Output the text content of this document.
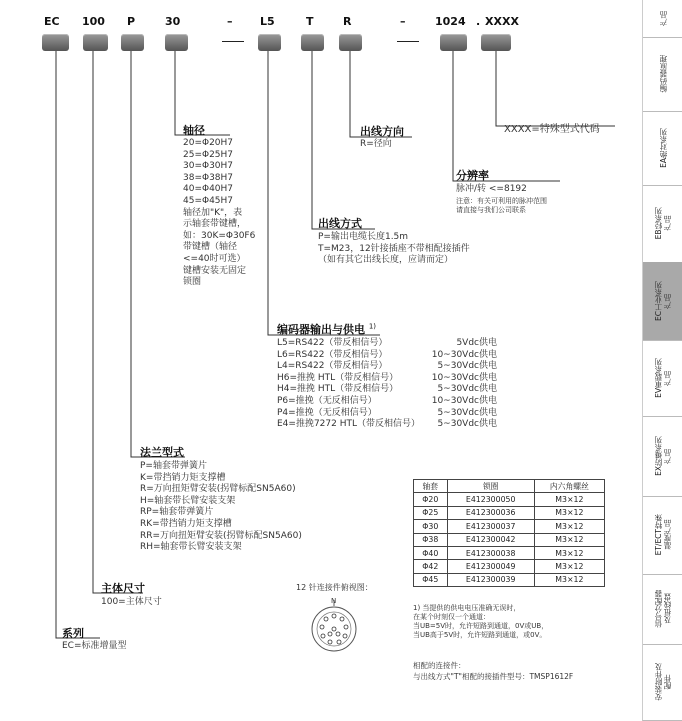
EC 100 P	30	–	L5	T	R	–	1024 . XXXX
轴径
20=Φ20H7
25=Φ25H7
30=Φ30H7
38=Φ38H7
40=Φ40H7
45=Φ45H7
轴径加"K"，表
示轴套带键槽，
如：30K=Φ30F6
带键槽（轴径
<=40时可选）
键槽安装无固定
锁圈
出线方向
R=径向
XXXX=特殊型式代码
分辨率
脉冲/转 <=8192
注意：有关可利用的脉冲范围
请直接与我们公司联系
出线方式
P=输出电缆长度1.5m
T=M23，12针接插座不带相配接插件
（如有其它出线长度，应请而定）
编码器输出与供电 $^{1)}$
L5=RS422（带反相信号）	5Vdc供电
L6=RS422（带反相信号）	10~30Vdc供电
L4=RS422（带反相信号）	5~30Vdc供电
H6=推挽 HTL（带反相信号）	10~30Vdc供电
H4=推挽 HTL（带反相信号）	5~30Vdc供电
P6=推挽（无反相信号）	10~30Vdc供电
P4=推挽（无反相信号）	5~30Vdc供电
E4=推挽7272 HTL（带反相信号） 5~30Vdc供电
法兰型式
P=轴套带弹簧片
K=带挡销力矩支撑槽
R=万向扭矩臂安装(拐臂标配SN5A60)
H=轴套带长臂安装支架
RP=轴套带弹簧片
RK=带挡销力矩支撑槽
RR=万向扭矩臂安装(拐臂标配SN5A60)
RH=轴套带长臂安装支架
主体尺寸
100=主体尺寸
系列
EC=标准增量型
轴套	锁圈	内六角螺丝
Φ20	E412300050	M3×12
Φ25	E412300036	M3×12
Φ30	E412300037	M3×12
Φ38	E412300042	M3×12
Φ40	E412300038	M3×12
Φ42	E412300049	M3×12
Φ45	E412300039	M3×12
12 针连接件俯视图：
N
1) 当提供的供电电压准确无误时，
在某个时刻仅一个通道：
当UB=5V时，允许短路到通道，0V或UB，
当UB高于5V时，允许短路到通道，或0V。
相配的连接件：
与出线方式"T"相配的接插件型号：TMSP1612F
产品
编码器原理
EA绝对系列
EB轻系列
产品
EC工业系列
产品
EV重载系列
产品
EX防爆系列
产品
ET/ECT特殊
温度产品
信号分配器
及扭线盘
安装附件及
配件
